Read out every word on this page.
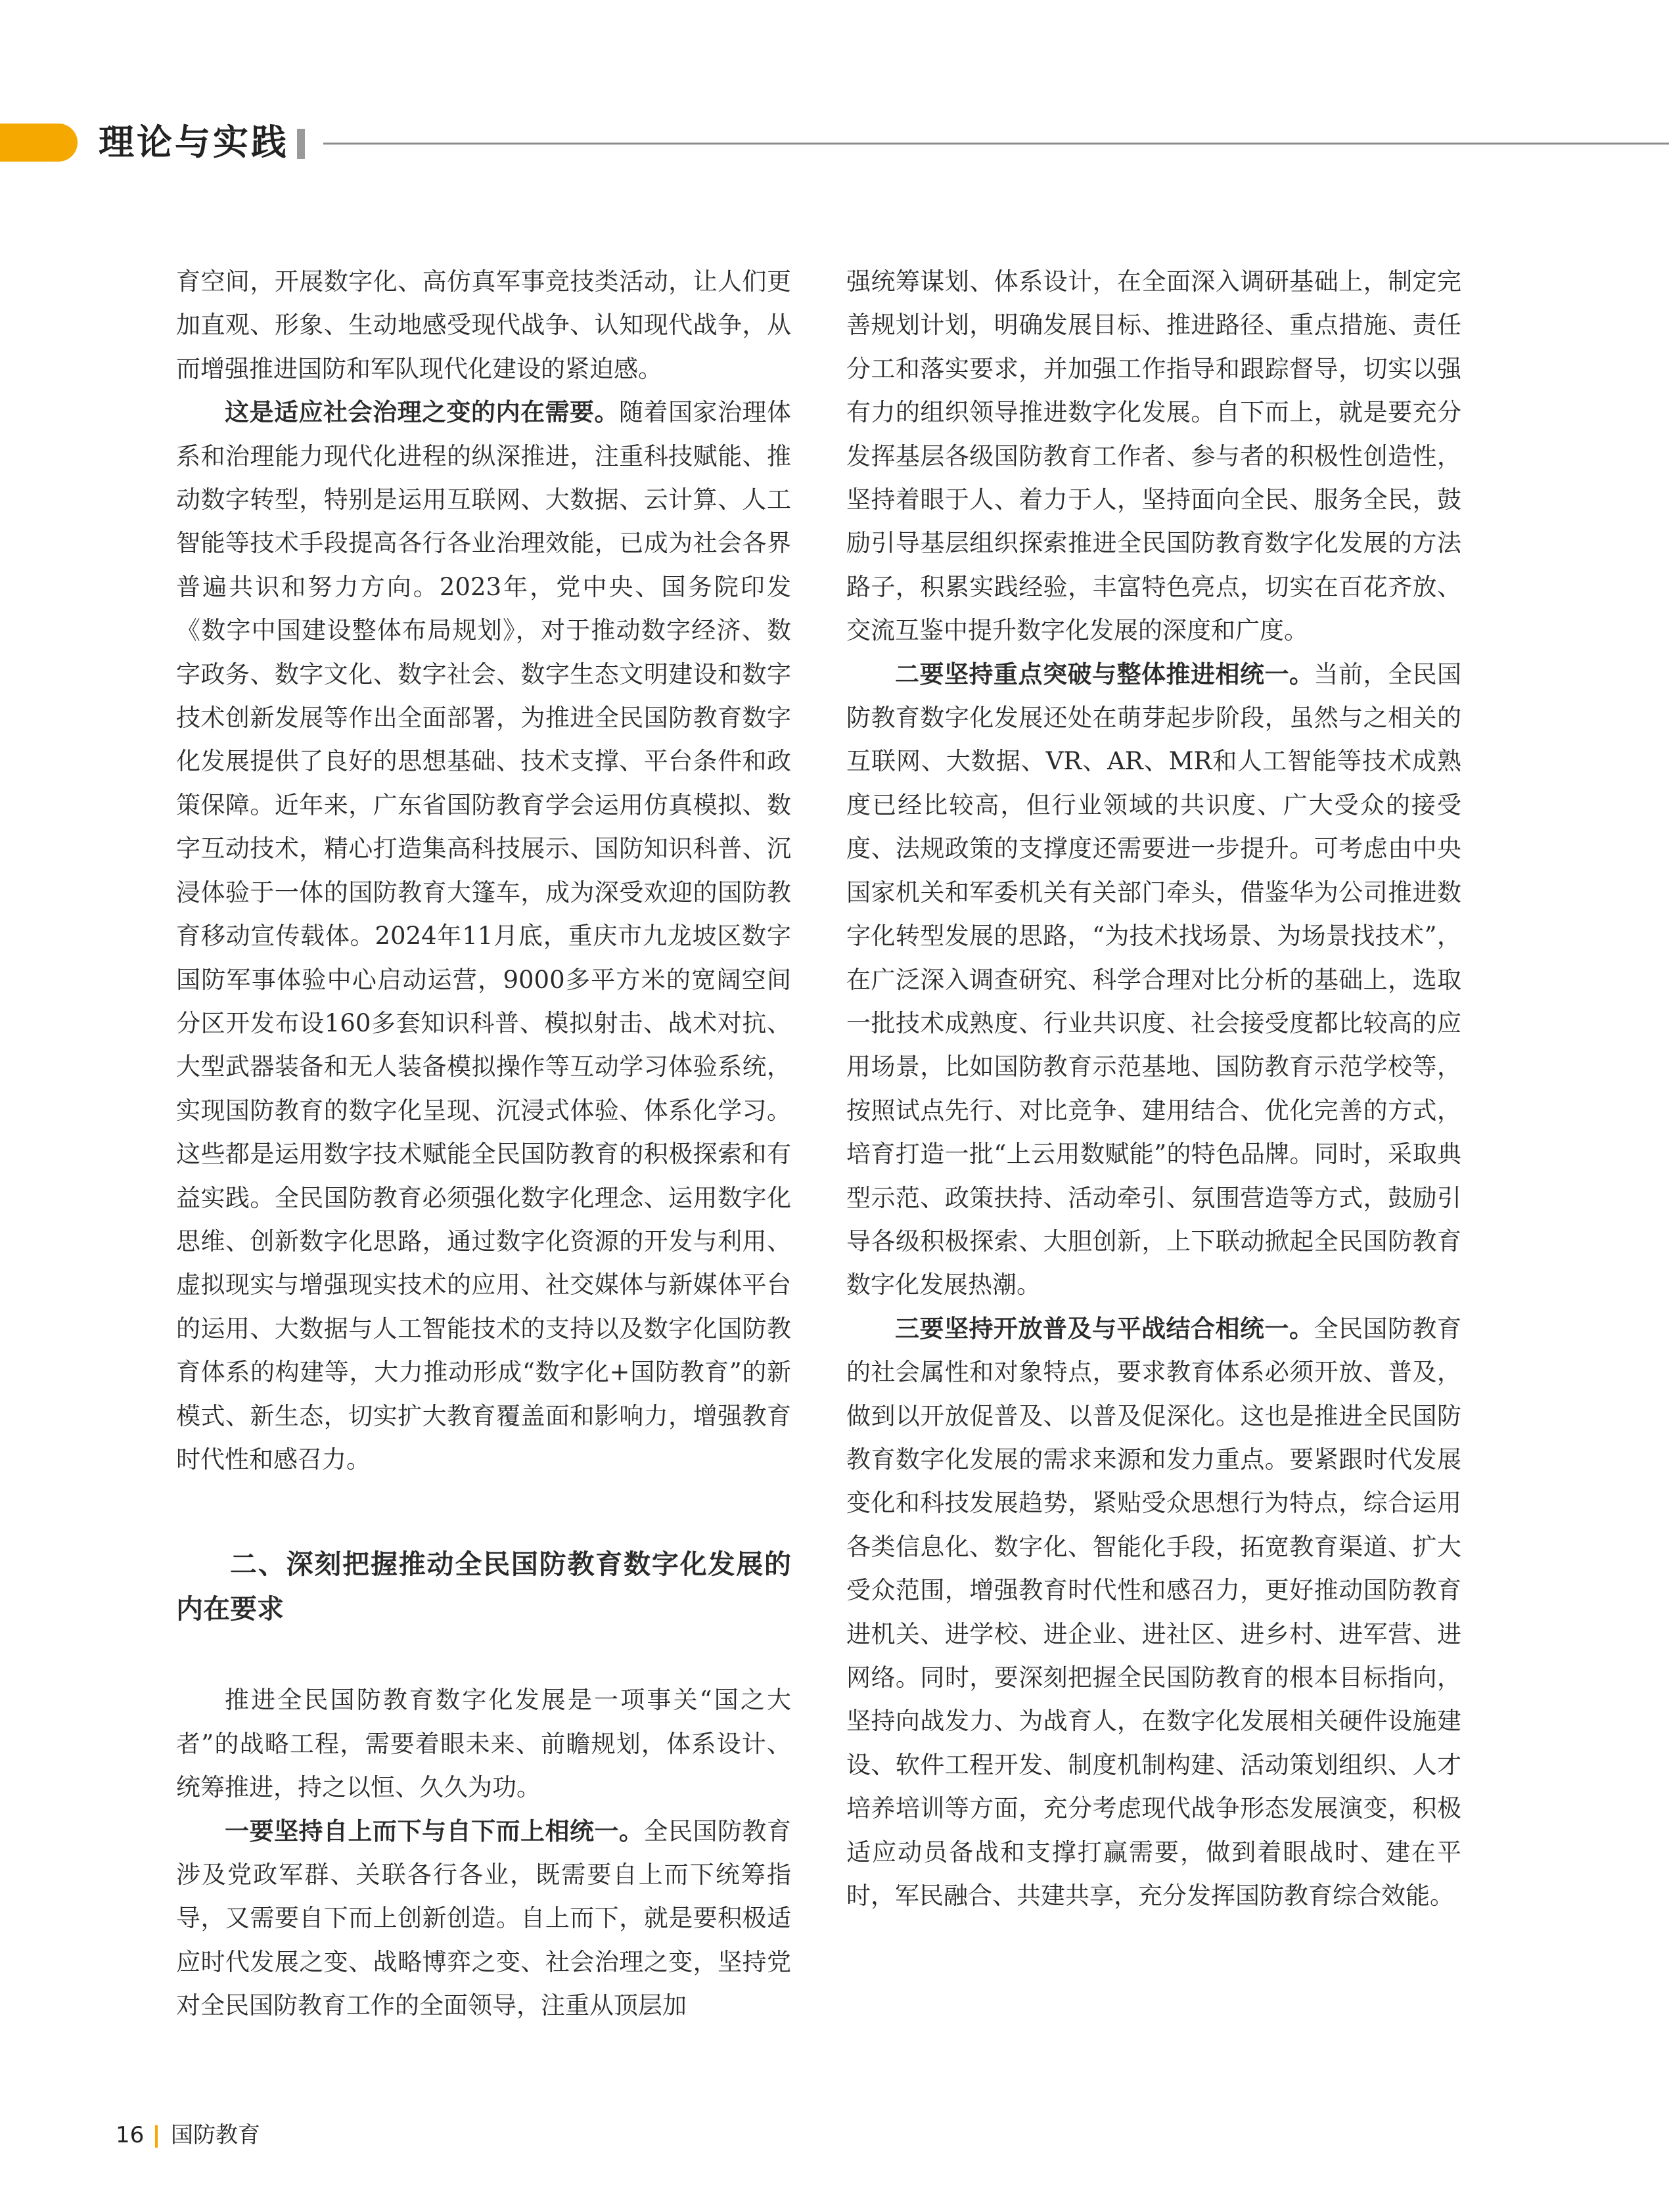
理论与实践

育空间，开展数字化、高仿真军事竞技类活动，让人们更加直观、形象、生动地感受现代战争、认知现代战争，从而增强推进国防和军队现代化建设的紧迫感。

这是适应社会治理之变的内在需要。随着国家治理体系和治理能力现代化进程的纵深推进，注重科技赋能、推动数字转型，特别是运用互联网、大数据、云计算、人工智能等技术手段提高各行各业治理效能，已成为社会各界普遍共识和努力方向。2023年，党中央、国务院印发《数字中国建设整体布局规划》，对于推动数字经济、数字政务、数字文化、数字社会、数字生态文明建设和数字技术创新发展等作出全面部署，为推进全民国防教育数字化发展提供了良好的思想基础、技术支撑、平台条件和政策保障。近年来，广东省国防教育学会运用仿真模拟、数字互动技术，精心打造集高科技展示、国防知识科普、沉浸体验于一体的国防教育大篷车，成为深受欢迎的国防教育移动宣传载体。2024年11月底，重庆市九龙坡区数字国防军事体验中心启动运营，9000多平方米的宽阔空间分区开发布设160多套知识科普、模拟射击、战术对抗、大型武器装备和无人装备模拟操作等互动学习体验系统，实现国防教育的数字化呈现、沉浸式体验、体系化学习。这些都是运用数字技术赋能全民国防教育的积极探索和有益实践。全民国防教育必须强化数字化理念、运用数字化思维、创新数字化思路，通过数字化资源的开发与利用、虚拟现实与增强现实技术的应用、社交媒体与新媒体平台的运用、大数据与人工智能技术的支持以及数字化国防教育体系的构建等，大力推动形成“数字化+国防教育”的新模式、新生态，切实扩大教育覆盖面和影响力，增强教育时代性和感召力。

二、深刻把握推动全民国防教育数字化发展的内在要求

推进全民国防教育数字化发展是一项事关“国之大者”的战略工程，需要着眼未来、前瞻规划，体系设计、统筹推进，持之以恒、久久为功。

一要坚持自上而下与自下而上相统一。全民国防教育涉及党政军群、关联各行各业，既需要自上而下统筹指导，又需要自下而上创新创造。自上而下，就是要积极适应时代发展之变、战略博弈之变、社会治理之变，坚持党对全民国防教育工作的全面领导，注重从顶层加

强统筹谋划、体系设计，在全面深入调研基础上，制定完善规划计划，明确发展目标、推进路径、重点措施、责任分工和落实要求，并加强工作指导和跟踪督导，切实以强有力的组织领导推进数字化发展。自下而上，就是要充分发挥基层各级国防教育工作者、参与者的积极性创造性，坚持着眼于人、着力于人，坚持面向全民、服务全民，鼓励引导基层组织探索推进全民国防教育数字化发展的方法路子，积累实践经验，丰富特色亮点，切实在百花齐放、交流互鉴中提升数字化发展的深度和广度。

二要坚持重点突破与整体推进相统一。当前，全民国防教育数字化发展还处在萌芽起步阶段，虽然与之相关的互联网、大数据、VR、AR、MR和人工智能等技术成熟度已经比较高，但行业领域的共识度、广大受众的接受度、法规政策的支撑度还需要进一步提升。可考虑由中央国家机关和军委机关有关部门牵头，借鉴华为公司推进数字化转型发展的思路，“为技术找场景、为场景找技术”，在广泛深入调查研究、科学合理对比分析的基础上，选取一批技术成熟度、行业共识度、社会接受度都比较高的应用场景，比如国防教育示范基地、国防教育示范学校等，按照试点先行、对比竞争、建用结合、优化完善的方式，培育打造一批“上云用数赋能”的特色品牌。同时，采取典型示范、政策扶持、活动牵引、氛围营造等方式，鼓励引导各级积极探索、大胆创新，上下联动掀起全民国防教育数字化发展热潮。

三要坚持开放普及与平战结合相统一。全民国防教育的社会属性和对象特点，要求教育体系必须开放、普及，做到以开放促普及、以普及促深化。这也是推进全民国防教育数字化发展的需求来源和发力重点。要紧跟时代发展变化和科技发展趋势，紧贴受众思想行为特点，综合运用各类信息化、数字化、智能化手段，拓宽教育渠道、扩大受众范围，增强教育时代性和感召力，更好推动国防教育进机关、进学校、进企业、进社区、进乡村、进军营、进网络。同时，要深刻把握全民国防教育的根本目标指向，坚持向战发力、为战育人，在数字化发展相关硬件设施建设、软件工程开发、制度机制构建、活动策划组织、人才培养培训等方面，充分考虑现代战争形态发展演变，积极适应动员备战和支撑打赢需要，做到着眼战时、建在平时，军民融合、共建共享，充分发挥国防教育综合效能。

16 国防教育
